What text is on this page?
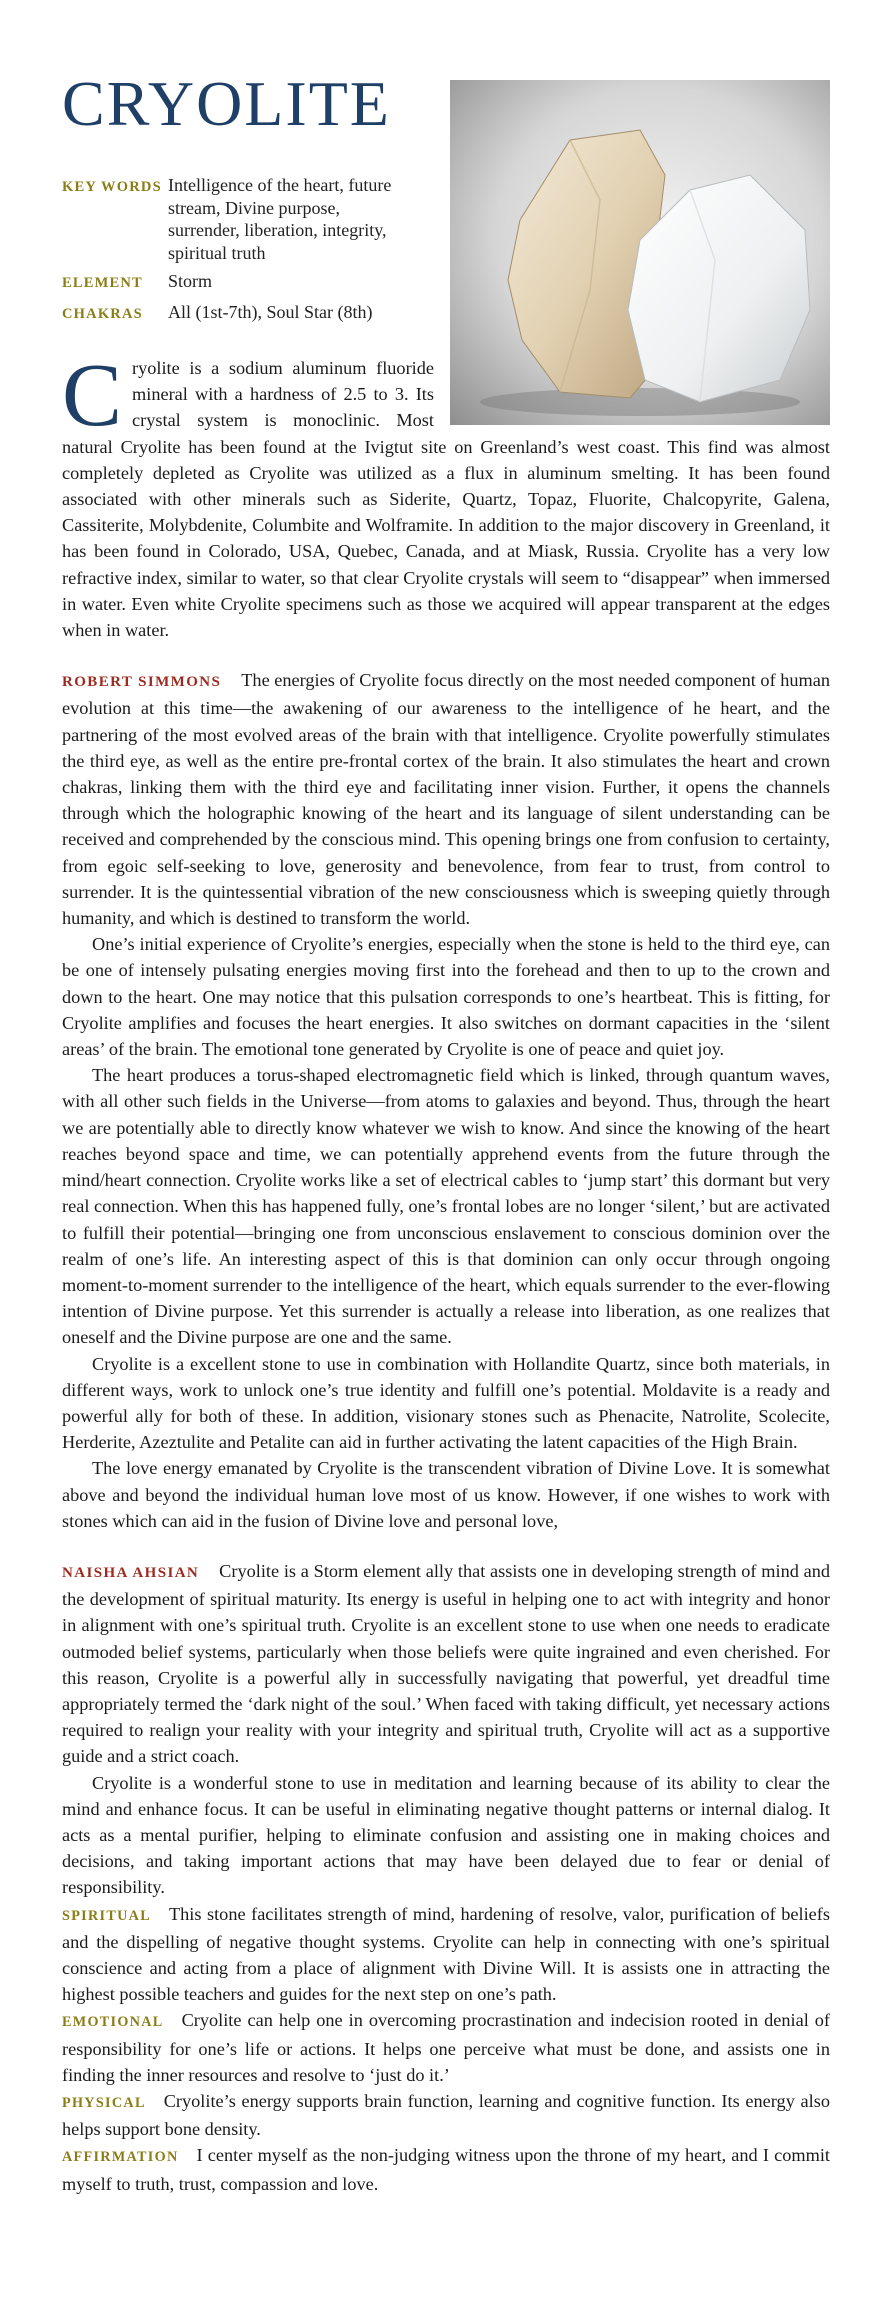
CRYOLITE
KEY WORDS Intelligence of the heart, future stream, Divine purpose, surrender, liberation, integrity, spiritual truth
ELEMENT	Storm
CHAKRAS	All (1st-7th), Soul Star (8th)

Cryolite is a sodium aluminum fluoride mineral with a hardness of 2.5 to 3. Its crystal system is monoclinic. Most natural Cryolite has been found at the Ivigtut site on Greenland’s west coast. This find was almost completely depleted as Cryolite was utilized as a flux in aluminum smelting. It has been found associated with other minerals such as Siderite, Quartz, Topaz, Fluorite, Chalcopyrite, Galena, Cassiterite, Molybdenite, Columbite and Wolframite. In addition to the major discovery in Greenland, it has been found in Colorado, USA, Quebec, Canada, and at Miask, Russia. Cryolite has a very low refractive index, similar to water, so that clear Cryolite crystals will seem to “disappear” when immersed in water. Even white Cryolite specimens such as those we acquired will appear transparent at the edges when in water.

ROBERT SIMMONS The energies of Cryolite focus directly on the most needed component of human evolution at this time—the awakening of our awareness to the intelligence of he heart, and the partnering of the most evolved areas of the brain with that intelligence. Cryolite powerfully stimulates the third eye, as well as the entire pre-frontal cortex of the brain. It also stimulates the heart and crown chakras, linking them with the third eye and facilitating inner vision. Further, it opens the channels through which the holographic knowing of the heart and its language of silent understanding can be received and comprehended by the conscious mind. This opening brings one from confusion to certainty, from egoic self-seeking to love, generosity and benevolence, from fear to trust, from control to surrender. It is the quintessential vibration of the new consciousness which is sweeping quietly through humanity, and which is destined to transform the world.

One’s initial experience of Cryolite’s energies, especially when the stone is held to the third eye, can be one of intensely pulsating energies moving first into the forehead and then to up to the crown and down to the heart. One may notice that this pulsation corresponds to one’s heartbeat. This is fitting, for Cryolite amplifies and focuses the heart energies. It also switches on dormant capacities in the ‘silent areas’ of the brain. The emotional tone generated by Cryolite is one of peace and quiet joy.

The heart produces a torus-shaped electromagnetic field which is linked, through quantum waves, with all other such fields in the Universe—from atoms to galaxies and beyond. Thus, through the heart we are potentially able to directly know whatever we wish to know. And since the knowing of the heart reaches beyond space and time, we can potentially apprehend events from the future through the mind/heart connection. Cryolite works like a set of electrical cables to ‘jump start’ this dormant but very real connection. When this has happened fully, one’s frontal lobes are no longer ‘silent,’ but are activated to fulfill their potential—bringing one from unconscious enslavement to conscious dominion over the realm of one’s life. An interesting aspect of this is that dominion can only occur through ongoing moment-to-moment surrender to the intelligence of the heart, which equals surrender to the ever-flowing intention of Divine purpose. Yet this surrender is actually a release into liberation, as one realizes that oneself and the Divine purpose are one and the same.

Cryolite is a excellent stone to use in combination with Hollandite Quartz, since both materials, in different ways, work to unlock one’s true identity and fulfill one’s potential. Moldavite is a ready and powerful ally for both of these. In addition, visionary stones such as Phenacite, Natrolite, Scolecite, Herderite, Azeztulite and Petalite can aid in further activating the latent capacities of the High Brain.

The love energy emanated by Cryolite is the transcendent vibration of Divine Love. It is somewhat above and beyond the individual human love most of us know. However, if one wishes to work with stones which can aid in the fusion of Divine love and personal love,

NAISHA AHSIAN Cryolite is a Storm element ally that assists one in developing strength of mind and the development of spiritual maturity. Its energy is useful in helping one to act with integrity and honor in alignment with one’s spiritual truth. Cryolite is an excellent stone to use when one needs to eradicate outmoded belief systems, particularly when those beliefs were quite ingrained and even cherished. For this reason, Cryolite is a powerful ally in successfully navigating that powerful, yet dreadful time appropriately termed the ‘dark night of the soul.’ When faced with taking difficult, yet necessary actions required to realign your reality with your integrity and spiritual truth, Cryolite will act as a supportive guide and a strict coach.

Cryolite is a wonderful stone to use in meditation and learning because of its ability to clear the mind and enhance focus. It can be useful in eliminating negative thought patterns or internal dialog. It acts as a mental purifier, helping to eliminate confusion and assisting one in making choices and decisions, and taking important actions that may have been delayed due to fear or denial of responsibility.

SPIRITUAL This stone facilitates strength of mind, hardening of resolve, valor, purification of beliefs and the dispelling of negative thought systems. Cryolite can help in connecting with one’s spiritual conscience and acting from a place of alignment with Divine Will. It is assists one in attracting the highest possible teachers and guides for the next step on one’s path.

EMOTIONAL Cryolite can help one in overcoming procrastination and indecision rooted in denial of responsibility for one’s life or actions. It helps one perceive what must be done, and assists one in finding the inner resources and resolve to ‘just do it.’

PHYSICAL Cryolite’s energy supports brain function, learning and cognitive function. Its energy also helps support bone density.

AFFIRMATION I center myself as the non-judging witness upon the throne of my heart, and I commit myself to truth, trust, compassion and love.
